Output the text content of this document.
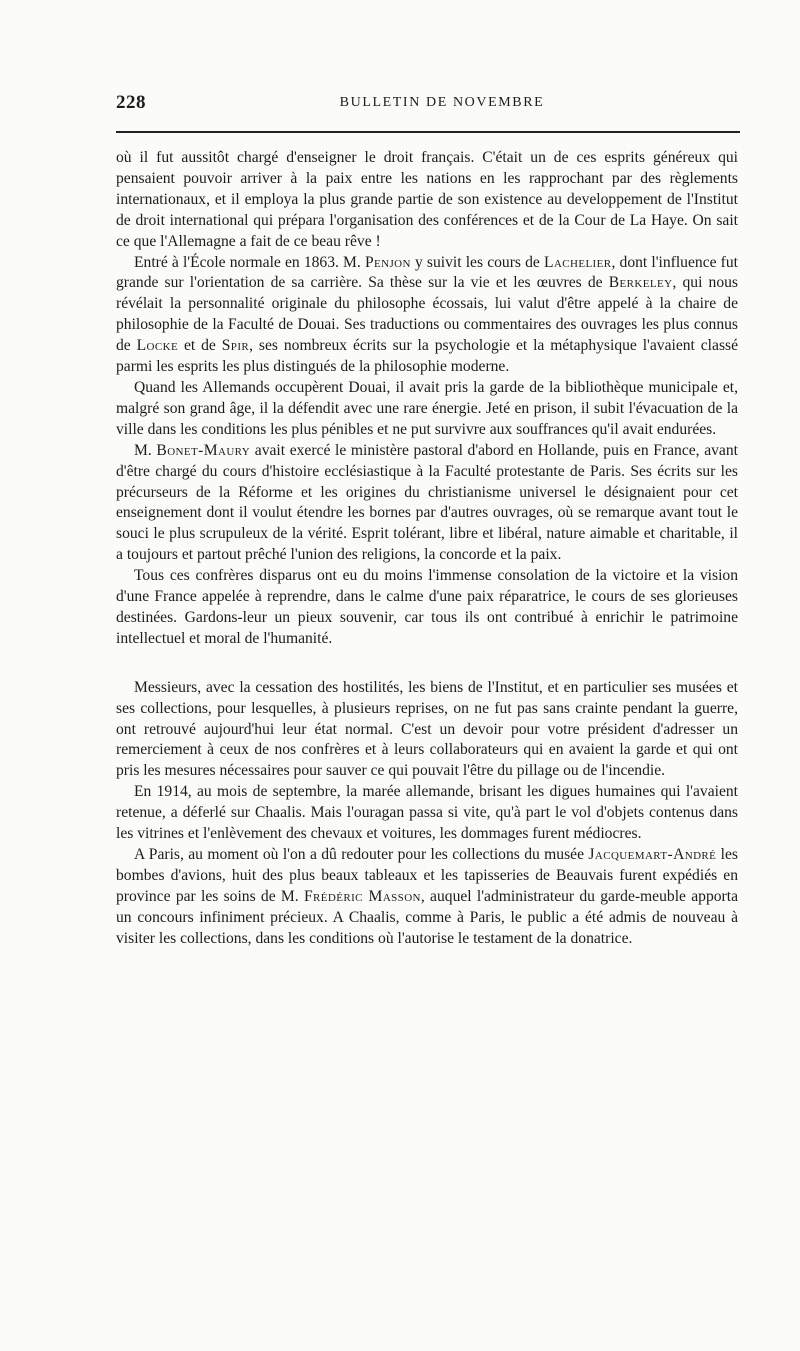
228	BULLETIN DE NOVEMBRE

où il fut aussitôt chargé d'enseigner le droit français. C'était un de ces esprits généreux qui pensaient pouvoir arriver à la paix entre les nations en les rapprochant par des règlements internationaux, et il employa la plus grande partie de son existence au developpement de l'Institut de droit international qui prépara l'organisation des conférences et de la Cour de La Haye. On sait ce que l'Allemagne a fait de ce beau rêve !

Entré à l'École normale en 1863. M. Penjon y suivit les cours de Lachelier, dont l'influence fut grande sur l'orientation de sa carrière. Sa thèse sur la vie et les œuvres de Berkeley, qui nous révélait la personnalité originale du philosophe écossais, lui valut d'être appelé à la chaire de philosophie de la Faculté de Douai. Ses traductions ou commentaires des ouvrages les plus connus de Locke et de Spir, ses nombreux écrits sur la psychologie et la métaphysique l'avaient classé parmi les esprits les plus distingués de la philosophie moderne.

Quand les Allemands occupèrent Douai, il avait pris la garde de la bibliothèque municipale et, malgré son grand âge, il la défendit avec une rare énergie. Jeté en prison, il subit l'évacuation de la ville dans les conditions les plus pénibles et ne put survivre aux souffrances qu'il avait endurées.

M. Bonet-Maury avait exercé le ministère pastoral d'abord en Hollande, puis en France, avant d'être chargé du cours d'histoire ecclésiastique à la Faculté protestante de Paris. Ses écrits sur les précurseurs de la Réforme et les origines du christianisme universel le désignaient pour cet enseignement dont il voulut étendre les bornes par d'autres ouvrages, où se remarque avant tout le souci le plus scrupuleux de la vérité. Esprit tolérant, libre et libéral, nature aimable et charitable, il a toujours et partout prêché l'union des religions, la concorde et la paix.

Tous ces confrères disparus ont eu du moins l'immense consolation de la victoire et la vision d'une France appelée à reprendre, dans le calme d'une paix réparatrice, le cours de ses glorieuses destinées. Gardons-leur un pieux souvenir, car tous ils ont contribué à enrichir le patrimoine intellectuel et moral de l'humanité.

Messieurs, avec la cessation des hostilités, les biens de l'Institut, et en particulier ses musées et ses collections, pour lesquelles, à plusieurs reprises, on ne fut pas sans crainte pendant la guerre, ont retrouvé aujourd'hui leur état normal. C'est un devoir pour votre président d'adresser un remerciement à ceux de nos confrères et à leurs collaborateurs qui en avaient la garde et qui ont pris les mesures nécessaires pour sauver ce qui pouvait l'être du pillage ou de l'incendie.

En 1914, au mois de septembre, la marée allemande, brisant les digues humaines qui l'avaient retenue, a déferlé sur Chaalis. Mais l'ouragan passa si vite, qu'à part le vol d'objets contenus dans les vitrines et l'enlèvement des chevaux et voitures, les dommages furent médiocres.

A Paris, au moment où l'on a dû redouter pour les collections du musée Jacquemart-André les bombes d'avions, huit des plus beaux tableaux et les tapisseries de Beauvais furent expédiés en province par les soins de M. Frédéric Masson, auquel l'administrateur du garde-meuble apporta un concours infiniment précieux. A Chaalis, comme à Paris, le public a été admis de nouveau à visiter les collections, dans les conditions où l'autorise le testament de la donatrice.
